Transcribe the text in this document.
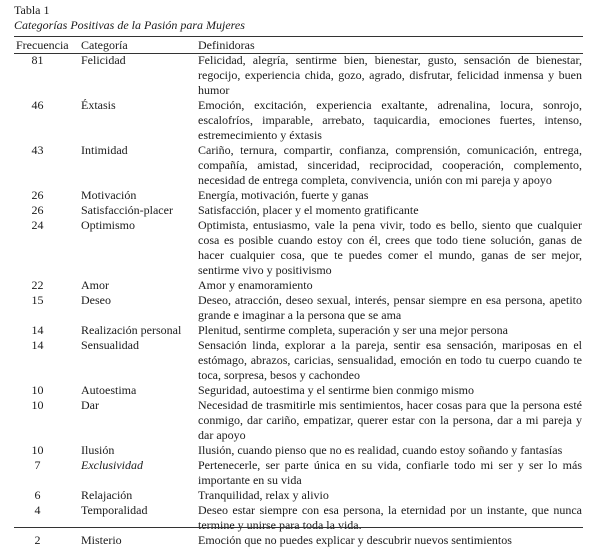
Tabla 1
Categorías Positivas de la Pasión para Mujeres
Frecuencia Categoría	Definidoras
81	Felicidad	Felicidad, alegría, sentirme bien, bienestar, gusto, sensación de bienestar, regocijo, experiencia chida, gozo, agrado, disfrutar, felicidad inmensa y buen humor
46	Éxtasis	Emoción, excitación, experiencia exaltante, adrenalina, locura, sonrojo, escalofríos, imparable, arrebato, taquicardia, emociones fuertes, intenso, estremecimiento y éxtasis
43	Intimidad	Cariño, ternura, compartir, confianza, comprensión, comunicación, entrega, compañía, amistad, sinceridad, reciprocidad, cooperación, complemento, necesidad de entrega completa, convivencia, unión con mi pareja y apoyo
26	Motivación	Energía, motivación, fuerte y ganas
26	Satisfacción-placer	Satisfacción, placer y el momento gratificante
24	Optimismo	Optimista, entusiasmo, vale la pena vivir, todo es bello, siento que cualquier cosa es posible cuando estoy con él, crees que todo tiene solución, ganas de hacer cualquier cosa, que te puedes comer el mundo, ganas de ser mejor, sentirme vivo y positivismo
22	Amor	Amor y enamoramiento
15	Deseo	Deseo, atracción, deseo sexual, interés, pensar siempre en esa persona, apetito grande e imaginar a la persona que se ama
14	Realización personal	Plenitud, sentirme completa, superación y ser una mejor persona
14	Sensualidad	Sensación linda, explorar a la pareja, sentir esa sensación, mariposas en el estómago, abrazos, caricias, sensualidad, emoción en todo tu cuerpo cuando te toca, sorpresa, besos y cachondeo
10	Autoestima	Seguridad, autoestima y el sentirme bien conmigo mismo
10	Dar	Necesidad de trasmitirle mis sentimientos, hacer cosas para que la persona esté conmigo, dar cariño, empatizar, querer estar con la persona, dar a mi pareja y dar apoyo
10	Ilusión	Ilusión, cuando pienso que no es realidad, cuando estoy soñando y fantasías
7	Exclusividad	Pertenecerle, ser parte única en su vida, confiarle todo mi ser y ser lo más importante en su vida
6	Relajación	Tranquilidad, relax y alivio
4	Temporalidad	Deseo estar siempre con esa persona, la eternidad por un instante, que nunca termine y unirse para toda la vida.
2	Misterio	Emoción que no puedes explicar y descubrir nuevos sentimientos
